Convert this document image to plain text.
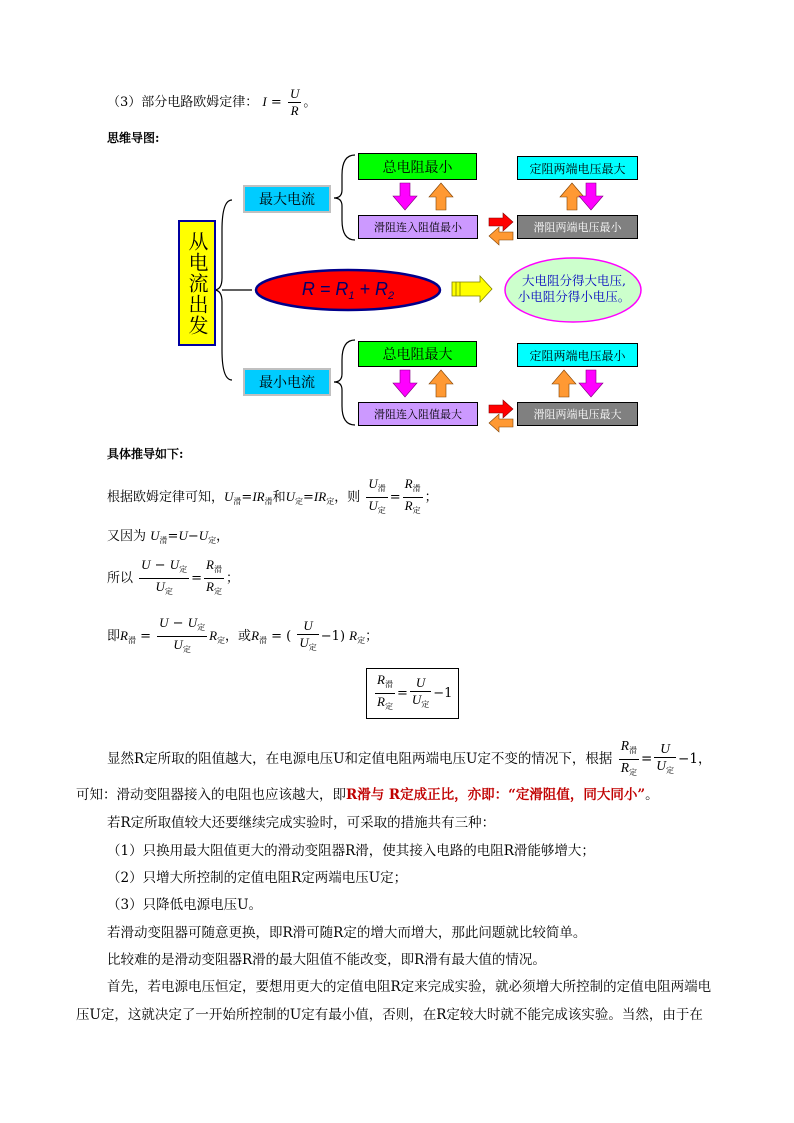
（3）部分电路欧姆定律： $I = \frac{U}{R}$ 。
思维导图:
从电流出发
最大电流
最小电流
总电阻最小
滑阻连入阻值最小
定阻两端电压最大
滑阻两端电压最小
$R = R_1 + R_2$
大电阻分得大电压,
小电阻分得小电压。
总电阻最大
滑阻连入阻值最大
定阻两端电压最小
滑阻两端电压最大
具体推导如下:
根据欧姆定律可知，$U_滑=IR_滑$和$U_定=IR_定$，则 $\frac{U_滑}{U_定} = \frac{R_滑}{R_定}$ ；
又因为 $U_滑=U-U_定$，
所以 $\frac{U - U_定}{U_定} = \frac{R_滑}{R_定}$ ；
即$R_滑 = \frac{U - U_定}{U_定} R_定$，或$R_滑$ = ( $\frac{U}{U_定} -1$) $R_定$；
$\frac{R_滑}{R_定} = \frac{U}{U_定} -1$
显然R定所取的阻值越大，在电源电压U和定值电阻两端电压U定不变的情况下，根据 $\frac{R_滑}{R_定} = \frac{U}{U_定} -1$，
可知：滑动变阻器接入的电阻也应该越大，即R滑与 R定成正比，亦即：“定滑阻值，同大同小”。
若R定所取值较大还要继续完成实验时，可采取的措施共有三种：
（1）只换用最大阻值更大的滑动变阻器R滑，使其接入电路的电阻R滑能够增大；
（2）只增大所控制的定值电阻R定两端电压U定；
（3）只降低电源电压U。
若滑动变阻器可随意更换，即R滑可随R定的增大而增大，那此问题就比较简单。
比较难的是滑动变阻器R滑的最大阻值不能改变，即R滑有最大值的情况。
首先，若电源电压恒定，要想用更大的定值电阻R定来完成实验，就必须增大所控制的定值电阻两端电
压U定，这就决定了一开始所控制的U定有最小值，否则，在R定较大时就不能完成该实验。当然，由于在
